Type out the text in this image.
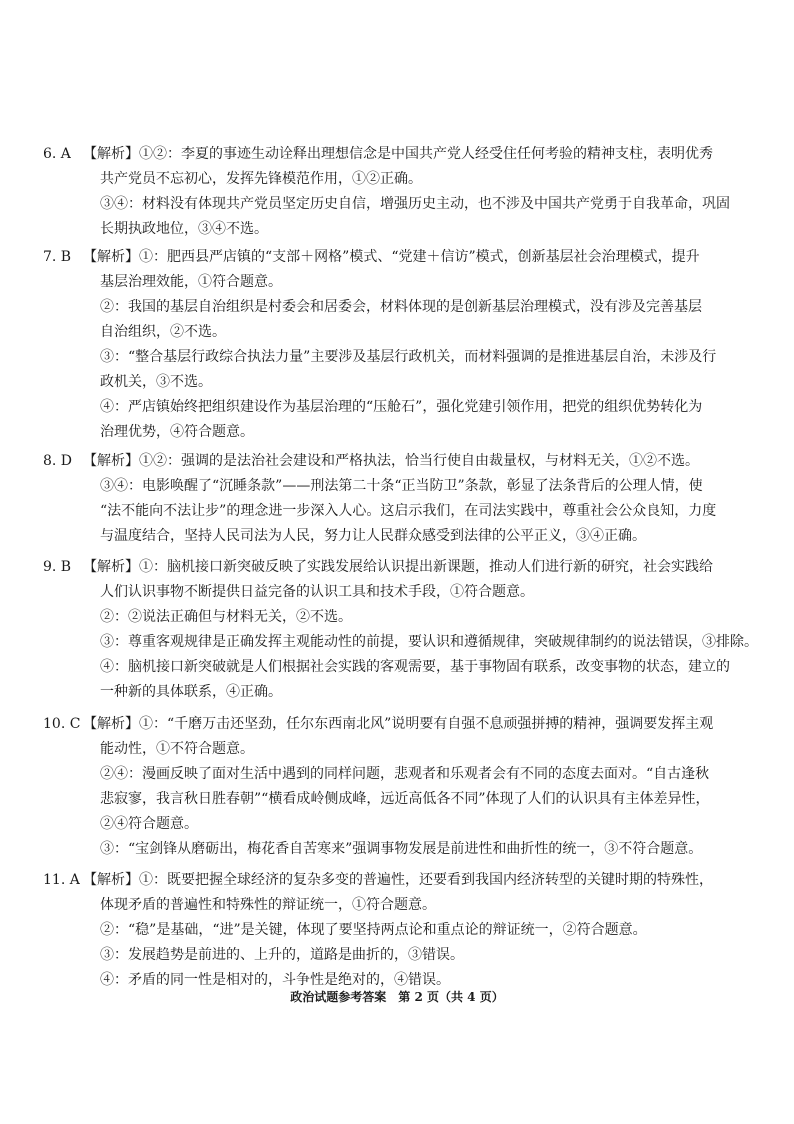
6. A 【解析】①②：李夏的事迹生动诠释出理想信念是中国共产党人经受住任何考验的精神支柱，表明优秀
共产党员不忘初心，发挥先锋模范作用，①②正确。
③④：材料没有体现共产党员坚定历史自信，增强历史主动，也不涉及中国共产党勇于自我革命，巩固
长期执政地位，③④不选。
7. B 【解析】①：肥西县严店镇的“支部＋网格”模式、“党建＋信访”模式，创新基层社会治理模式，提升
基层治理效能，①符合题意。
②：我国的基层自治组织是村委会和居委会，材料体现的是创新基层治理模式，没有涉及完善基层
自治组织，②不选。
③：“整合基层行政综合执法力量”主要涉及基层行政机关，而材料强调的是推进基层自治，未涉及行
政机关，③不选。
④：严店镇始终把组织建设作为基层治理的“压舱石”，强化党建引领作用，把党的组织优势转化为
治理优势，④符合题意。
8. D 【解析】①②：强调的是法治社会建设和严格执法，恰当行使自由裁量权，与材料无关，①②不选。
③④：电影唤醒了“沉睡条款”——刑法第二十条“正当防卫”条款，彰显了法条背后的公理人情，使
“法不能向不法让步”的理念进一步深入人心。这启示我们，在司法实践中，尊重社会公众良知，力度
与温度结合，坚持人民司法为人民，努力让人民群众感受到法律的公平正义，③④正确。
9. B 【解析】①：脑机接口新突破反映了实践发展给认识提出新课题，推动人们进行新的研究，社会实践给
人们认识事物不断提供日益完备的认识工具和技术手段，①符合题意。
②：②说法正确但与材料无关，②不选。
③：尊重客观规律是正确发挥主观能动性的前提，要认识和遵循规律，突破规律制约的说法错误，③排除。
④：脑机接口新突破就是人们根据社会实践的客观需要，基于事物固有联系，改变事物的状态，建立的
一种新的具体联系，④正确。
10. C 【解析】①：“千磨万击还坚劲，任尔东西南北风”说明要有自强不息顽强拼搏的精神，强调要发挥主观
能动性，①不符合题意。
②④：漫画反映了面对生活中遇到的同样问题，悲观者和乐观者会有不同的态度去面对。“自古逢秋
悲寂寥，我言秋日胜春朝”“横看成岭侧成峰，远近高低各不同”体现了人们的认识具有主体差异性，
②④符合题意。
③：“宝剑锋从磨砺出，梅花香自苦寒来”强调事物发展是前进性和曲折性的统一，③不符合题意。
11. A 【解析】①：既要把握全球经济的复杂多变的普遍性，还要看到我国内经济转型的关键时期的特殊性，
体现矛盾的普遍性和特殊性的辩证统一，①符合题意。
②：“稳”是基础，“进”是关键，体现了要坚持两点论和重点论的辩证统一，②符合题意。
③：发展趋势是前进的、上升的，道路是曲折的，③错误。
④：矛盾的同一性是相对的，斗争性是绝对的，④错误。
政治试题参考答案　第 2 页（共 4 页）
